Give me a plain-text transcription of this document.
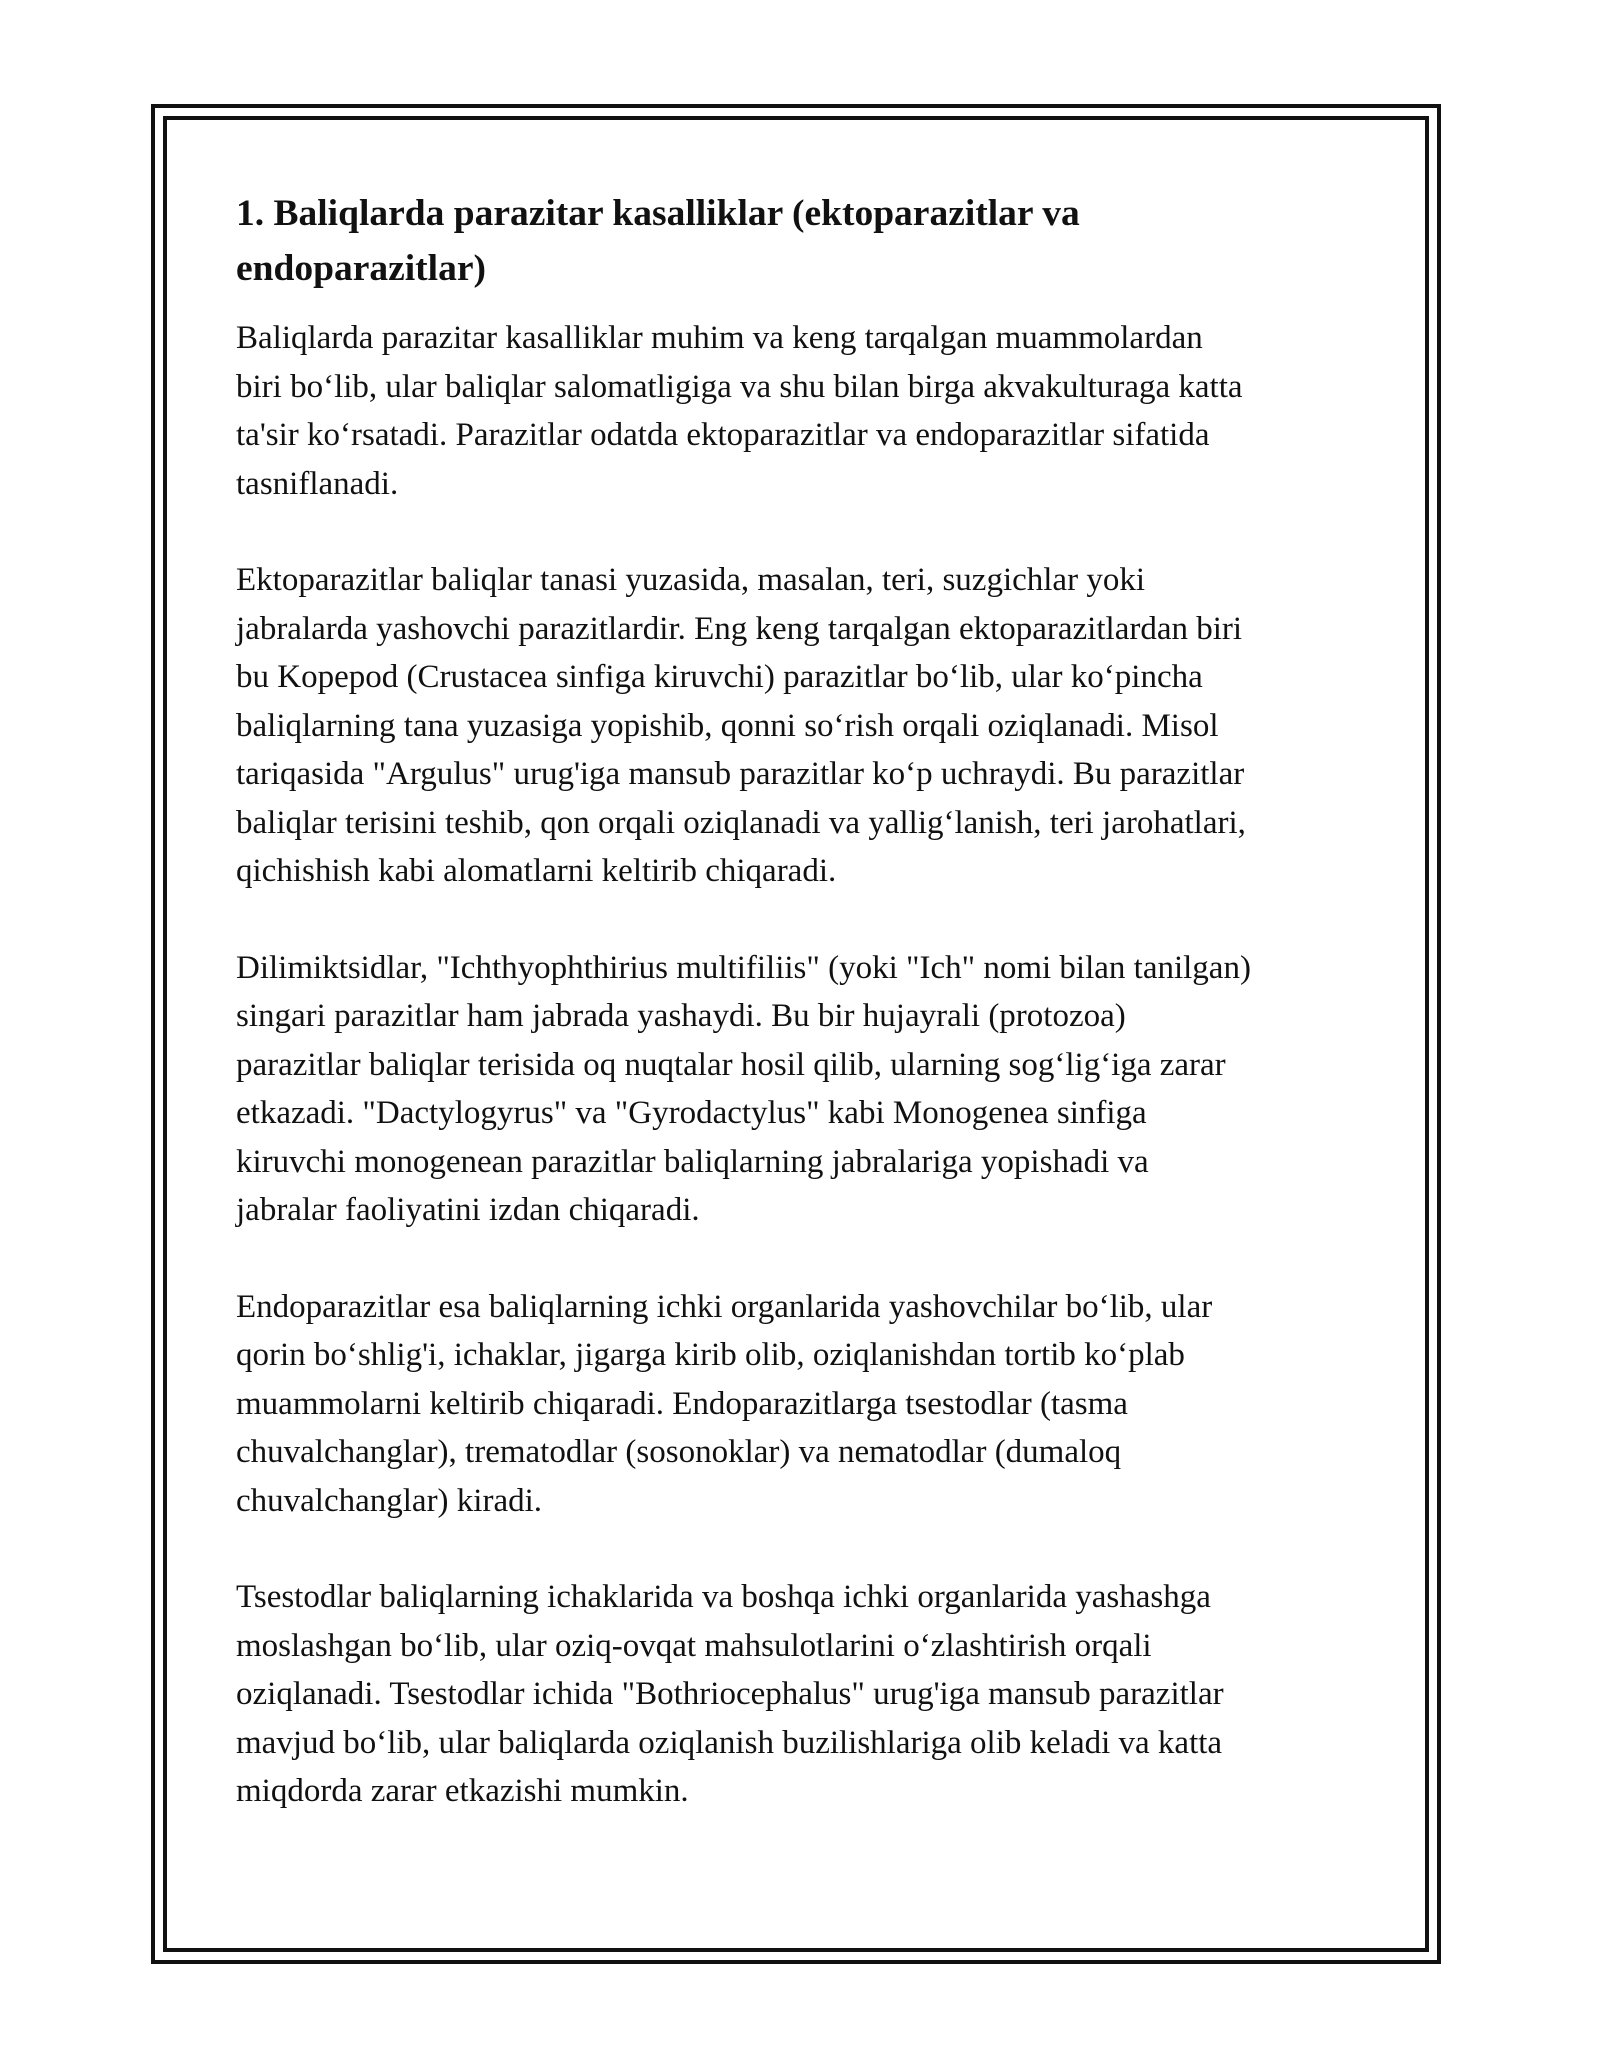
1. Baliqlarda parazitar kasalliklar (ektoparazitlar va
endoparazitlar)

Baliqlarda parazitar kasalliklar muhim va keng tarqalgan muammolardan
biri bo‘lib, ular baliqlar salomatligiga va shu bilan birga akvakulturaga katta
ta'sir ko‘rsatadi. Parazitlar odatda ektoparazitlar va endoparazitlar sifatida
tasniflanadi.

Ektoparazitlar baliqlar tanasi yuzasida, masalan, teri, suzgichlar yoki
jabralarda yashovchi parazitlardir. Eng keng tarqalgan ektoparazitlardan biri
bu Kopepod (Crustacea sinfiga kiruvchi) parazitlar bo‘lib, ular ko‘pincha
baliqlarning tana yuzasiga yopishib, qonni so‘rish orqali oziqlanadi. Misol
tariqasida "Argulus" urug'iga mansub parazitlar ko‘p uchraydi. Bu parazitlar
baliqlar terisini teshib, qon orqali oziqlanadi va yallig‘lanish, teri jarohatlari,
qichishish kabi alomatlarni keltirib chiqaradi.

Dilimiktsidlar, "Ichthyophthirius multifiliis" (yoki "Ich" nomi bilan tanilgan)
singari parazitlar ham jabrada yashaydi. Bu bir hujayrali (protozoa)
parazitlar baliqlar terisida oq nuqtalar hosil qilib, ularning sog‘lig‘iga zarar
etkazadi. "Dactylogyrus" va "Gyrodactylus" kabi Monogenea sinfiga
kiruvchi monogenean parazitlar baliqlarning jabralariga yopishadi va
jabralar faoliyatini izdan chiqaradi.

Endoparazitlar esa baliqlarning ichki organlarida yashovchilar bo‘lib, ular
qorin bo‘shlig'i, ichaklar, jigarga kirib olib, oziqlanishdan tortib ko‘plab
muammolarni keltirib chiqaradi. Endoparazitlarga tsestodlar (tasma
chuvalchanglar), trematodlar (sosonoklar) va nematodlar (dumaloq
chuvalchanglar) kiradi.

Tsestodlar baliqlarning ichaklarida va boshqa ichki organlarida yashashga
moslashgan bo‘lib, ular oziq-ovqat mahsulotlarini o‘zlashtirish orqali
oziqlanadi. Tsestodlar ichida "Bothriocephalus" urug'iga mansub parazitlar
mavjud bo‘lib, ular baliqlarda oziqlanish buzilishlariga olib keladi va katta
miqdorda zarar etkazishi mumkin.
